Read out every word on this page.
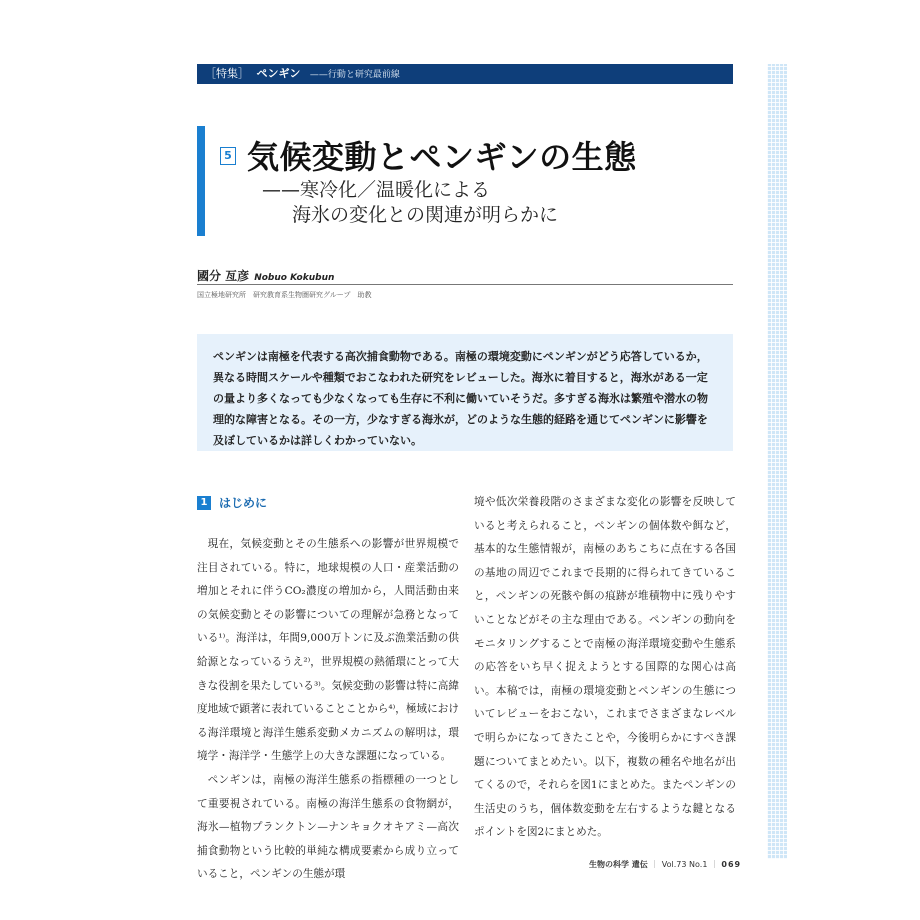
［特集］ ペンギン ——行動と研究最前線
5 気候変動とペンギンの生態
——寒冷化／温暖化による
海氷の変化との関連が明らかに
國分 亙彦 Nobuo Kokubun
国立極地研究所　研究教育系生物圏研究グループ　助教
ペンギンは南極を代表する高次捕食動物である。南極の環境変動にペンギンがどう応答しているか，異なる時間スケールや種類でおこなわれた研究をレビューした。海氷に着目すると，海氷がある一定の量より多くなっても少なくなっても生存に不利に働いていそうだ。多すぎる海氷は繁殖や潜水の物理的な障害となる。その一方，少なすぎる海氷が，どのような生態的経路を通じてペンギンに影響を及ぼしているかは詳しくわかっていない。
1 はじめに

現在，気候変動とその生態系への影響が世界規模で注目されている。特に，地球規模の人口・産業活動の増加とそれに伴うCO₂濃度の増加から，人間活動由来の気候変動とその影響についての理解が急務となっている¹⁾。海洋は，年間9,000万トンに及ぶ漁業活動の供給源となっているうえ²⁾，世界規模の熱循環にとって大きな役割を果たしている³⁾。気候変動の影響は特に高緯度地域で顕著に表れていることことから⁴⁾，極域における海洋環境と海洋生態系変動メカニズムの解明は，環境学・海洋学・生態学上の大きな課題になっている。

ペンギンは，南極の海洋生態系の指標種の一つとして重要視されている。南極の海洋生態系の食物網が，海氷—植物プランクトン—ナンキョクオキアミ—高次捕食動物という比較的単純な構成要素から成り立っていること，ペンギンの生態が環

境や低次栄養段階のさまざまな変化の影響を反映していると考えられること，ペンギンの個体数や餌など，基本的な生態情報が，南極のあちこちに点在する各国の基地の周辺でこれまで長期的に得られてきていること，ペンギンの死骸や餌の痕跡が堆積物中に残りやすいことなどがその主な理由である。ペンギンの動向をモニタリングすることで南極の海洋環境変動や生態系の応答をいち早く捉えようとする国際的な関心は高い。本稿では，南極の環境変動とペンギンの生態についてレビューをおこない，これまでさまざまなレベルで明らかになってきたことや，今後明らかにすべき課題についてまとめたい。以下，複数の種名や地名が出てくるので，それらを図1にまとめた。またペンギンの生活史のうち，個体数変動を左右するような鍵となるポイントを図2にまとめた。

生物の科学 遺伝 ｜ Vol.73 No.1 ｜ 069
